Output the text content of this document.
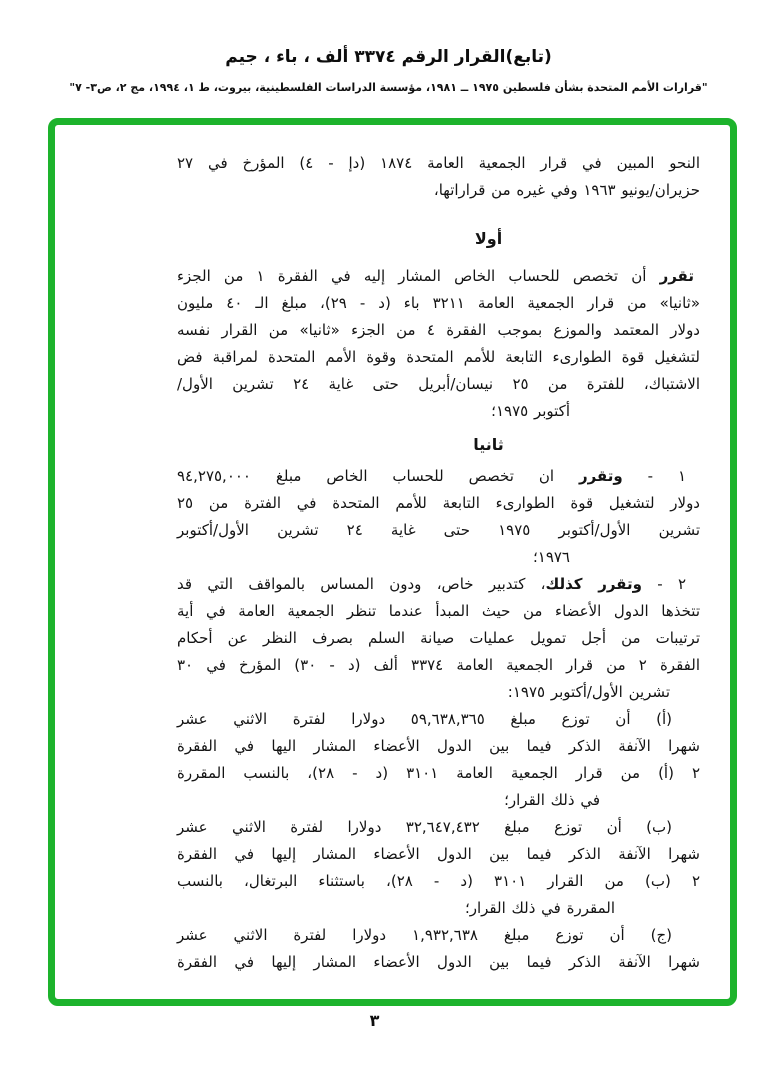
(تابع)القرار الرقم ٣٣٧٤ ألف ، باء ، جيم
"قرارات الأمم المتحدة بشأن فلسطين ١٩٧٥ ــ ١٩٨١، مؤسسة الدراسات الفلسطينية، بيروت، ط ١، ١٩٩٤، مج ٢، ص٣- ٧"
النحو المبين في قرار الجمعية العامة ١٨٧٤ (دإ - ٤) المؤرخ في ٢٧
حزيران/يونيو ١٩٦٣ وفي غيره من قراراتها،
أولا
تقرر أن تخصص للحساب الخاص المشار إليه في الفقرة ١ من الجزء
«ثانيا» من قرار الجمعية العامة ٣٢١١ باء (د - ٢٩)، مبلغ الـ ٤٠ مليون
دولار المعتمد والموزع بموجب الفقرة ٤ من الجزء «ثانيا» من القرار نفسه
لتشغيل قوة الطوارىء التابعة للأمم المتحدة وقوة الأمم المتحدة لمراقبة فض
الاشتباك، للفترة من ٢٥ نيسان/أبريل حتى غاية ٢٤ تشرين الأول/
أكتوبر ١٩٧٥؛
ثانيا
١ - وتقرر ان تخصص للحساب الخاص مبلغ ٩٤,٢٧٥,٠٠٠
دولار لتشغيل قوة الطوارىء التابعة للأمم المتحدة في الفترة من ٢٥
تشرين الأول/أكتوبر ١٩٧٥ حتى غاية ٢٤ تشرين الأول/أكتوبر
١٩٧٦؛
٢ - وتقرر كذلك، كتدبير خاص، ودون المساس بالمواقف التي قد
تتخذها الدول الأعضاء من حيث المبدأ عندما تنظر الجمعية العامة في أية
ترتيبات من أجل تمويل عمليات صيانة السلم بصرف النظر عن أحكام
الفقرة ٢ من قرار الجمعية العامة ٣٣٧٤ ألف (د - ٣٠) المؤرخ في ٣٠
تشرين الأول/أكتوبر ١٩٧٥:
(أ) أن توزع مبلغ ٥٩,٦٣٨,٣٦٥ دولارا لفترة الاثني عشر
شهرا الآنفة الذكر فيما بين الدول الأعضاء المشار اليها في الفقرة
٢ (أ) من قرار الجمعية العامة ٣١٠١ (د - ٢٨)، بالنسب المقررة
في ذلك القرار؛
(ب) أن توزع مبلغ ٣٢,٦٤٧,٤٣٢ دولارا لفترة الاثني عشر
شهرا الآنفة الذكر فيما بين الدول الأعضاء المشار إليها في الفقرة
٢ (ب) من القرار ٣١٠١ (د - ٢٨)، باستثناء البرتغال، بالنسب
المقررة في ذلك القرار؛
(ج) أن توزع مبلغ ١,٩٣٢,٦٣٨ دولارا لفترة الاثني عشر
شهرا الآنفة الذكر فيما بين الدول الأعضاء المشار إليها في الفقرة
٣
